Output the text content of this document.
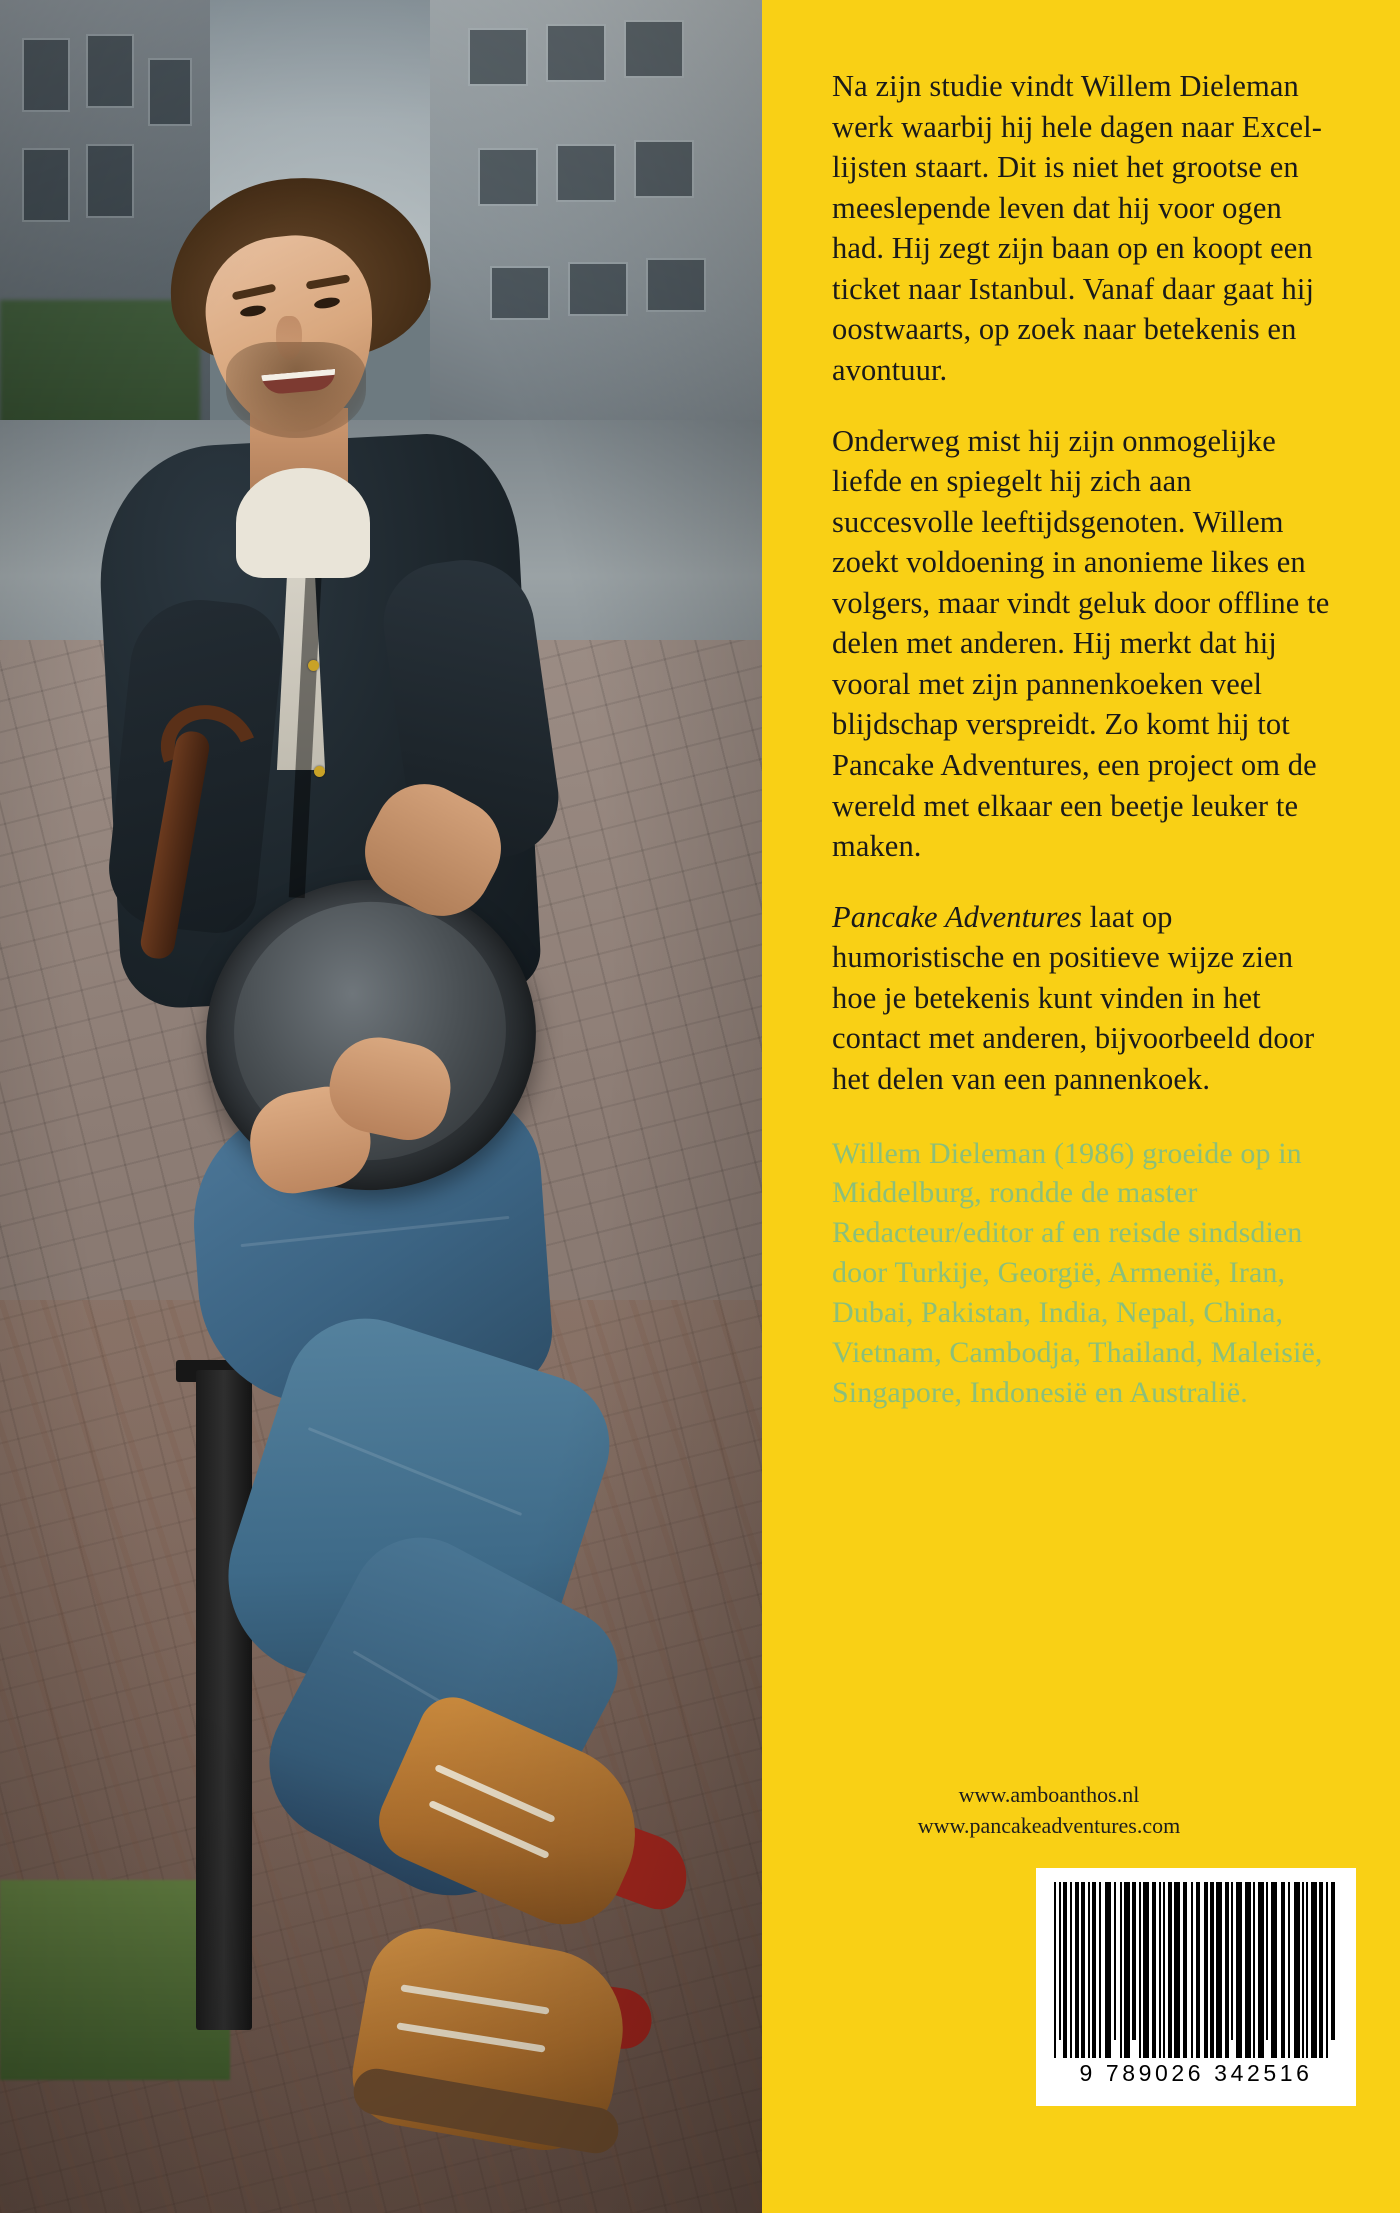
Na zijn studie vindt Willem Dieleman werk waarbij hij hele dagen naar Excel-lijsten staart. Dit is niet het grootse en meeslepende leven dat hij voor ogen had. Hij zegt zijn baan op en koopt een ticket naar Istanbul. Vanaf daar gaat hij oostwaarts, op zoek naar betekenis en avontuur.

Onderweg mist hij zijn onmogelijke liefde en spiegelt hij zich aan succesvolle leeftijdsgenoten. Willem zoekt voldoening in anonieme likes en volgers, maar vindt geluk door offline te delen met anderen. Hij merkt dat hij vooral met zijn pannenkoeken veel blijdschap verspreidt. Zo komt hij tot Pancake Adventures, een project om de wereld met elkaar een beetje leuker te maken.

Pancake Adventures laat op humoristische en positieve wijze zien hoe je betekenis kunt vinden in het contact met anderen, bijvoorbeeld door het delen van een pannenkoek.

Willem Dieleman (1986) groeide op in Middelburg, rondde de master Redacteur/editor af en reisde sindsdien door Turkije, Georgië, Armenië, Iran, Dubai, Pakistan, India, Nepal, China, Vietnam, Cambodja, Thailand, Maleisië, Singapore, Indonesië en Australië.

www.amboanthos.nl
www.pancakeadventures.com
9 789026 342516
